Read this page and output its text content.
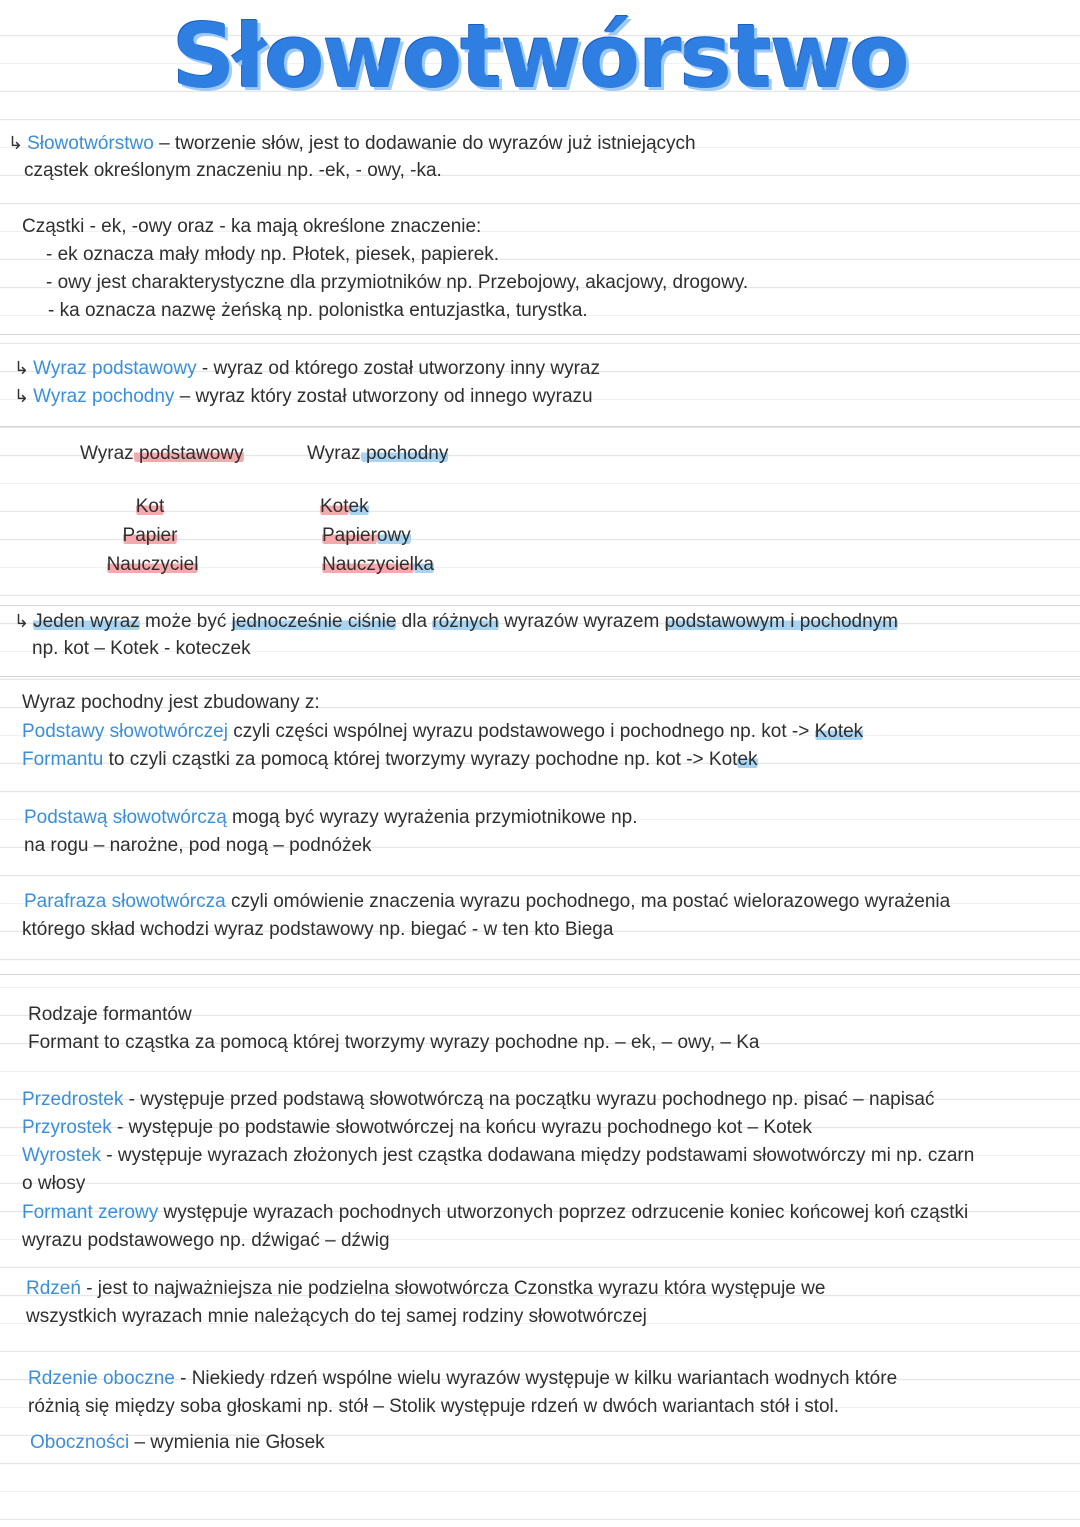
Słowotwórstwo
↳ Słowotwórstwo – tworzenie słów, jest to dodawanie do wyrazów już istniejących
cząstek określonym znaczeniu np. -ek, - owy, -ka.
Cząstki - ek, -owy oraz - ka mają określone znaczenie:
- ek oznacza mały młody np. Płotek, piesek, papierek.
- owy jest charakterystyczne dla przymiotników np. Przebojowy, akacjowy, drogowy.
- ka oznacza nazwę żeńską np. polonistka entuzjastka, turystka.
↳ Wyraz podstawowy - wyraz od którego został utworzony inny wyraz
↳ Wyraz pochodny – wyraz który został utworzony od innego wyrazu
Wyraz podstawowy	Wyraz pochodny
Kot
Papier
Nauczyciel
Kotek
Papierowy
Nauczycielka
↳ Jeden wyraz może być jednocześnie ciśnie dla różnych wyrazów wyrazem podstawowym i pochodnym
np. kot – Kotek - koteczek
Wyraz pochodny jest zbudowany z:
Podstawy słowotwórczej czyli części wspólnej wyrazu podstawowego i pochodnego np. kot -> Kotek
Formantu to czyli cząstki za pomocą której tworzymy wyrazy pochodne np. kot -> Kotek
Podstawą słowotwórczą mogą być wyrazy wyrażenia przymiotnikowe np.
na rogu – narożne, pod nogą – podnóżek
Parafraza słowotwórcza czyli omówienie znaczenia wyrazu pochodnego, ma postać wielorazowego wyrażenia
którego skład wchodzi wyraz podstawowy np. biegać - w ten kto Biega
Rodzaje formantów
Formant to cząstka za pomocą której tworzymy wyrazy pochodne np. – ek, – owy, – Ka
Przedrostek - występuje przed podstawą słowotwórczą na początku wyrazu pochodnego np. pisać – napisać
Przyrostek - występuje po podstawie słowotwórczej na końcu wyrazu pochodnego kot – Kotek
Wyrostek - występuje wyrazach złożonych jest cząstka dodawana między podstawami słowotwórczy mi np. czarn
o włosy
Formant zerowy występuje wyrazach pochodnych utworzonych poprzez odrzucenie koniec końcowej koń cząstki
wyrazu podstawowego np. dźwigać – dźwig
Rdzeń - jest to najważniejsza nie podzielna słowotwórcza Czonstka wyrazu która występuje we
wszystkich wyrazach mnie należących do tej samej rodziny słowotwórczej
Rdzenie oboczne - Niekiedy rdzeń wspólne wielu wyrazów występuje w kilku wariantach wodnych które
różnią się między soba głoskami np. stół – Stolik występuje rdzeń w dwóch wariantach stół i stol.
Oboczności – wymienia nie Głosek
